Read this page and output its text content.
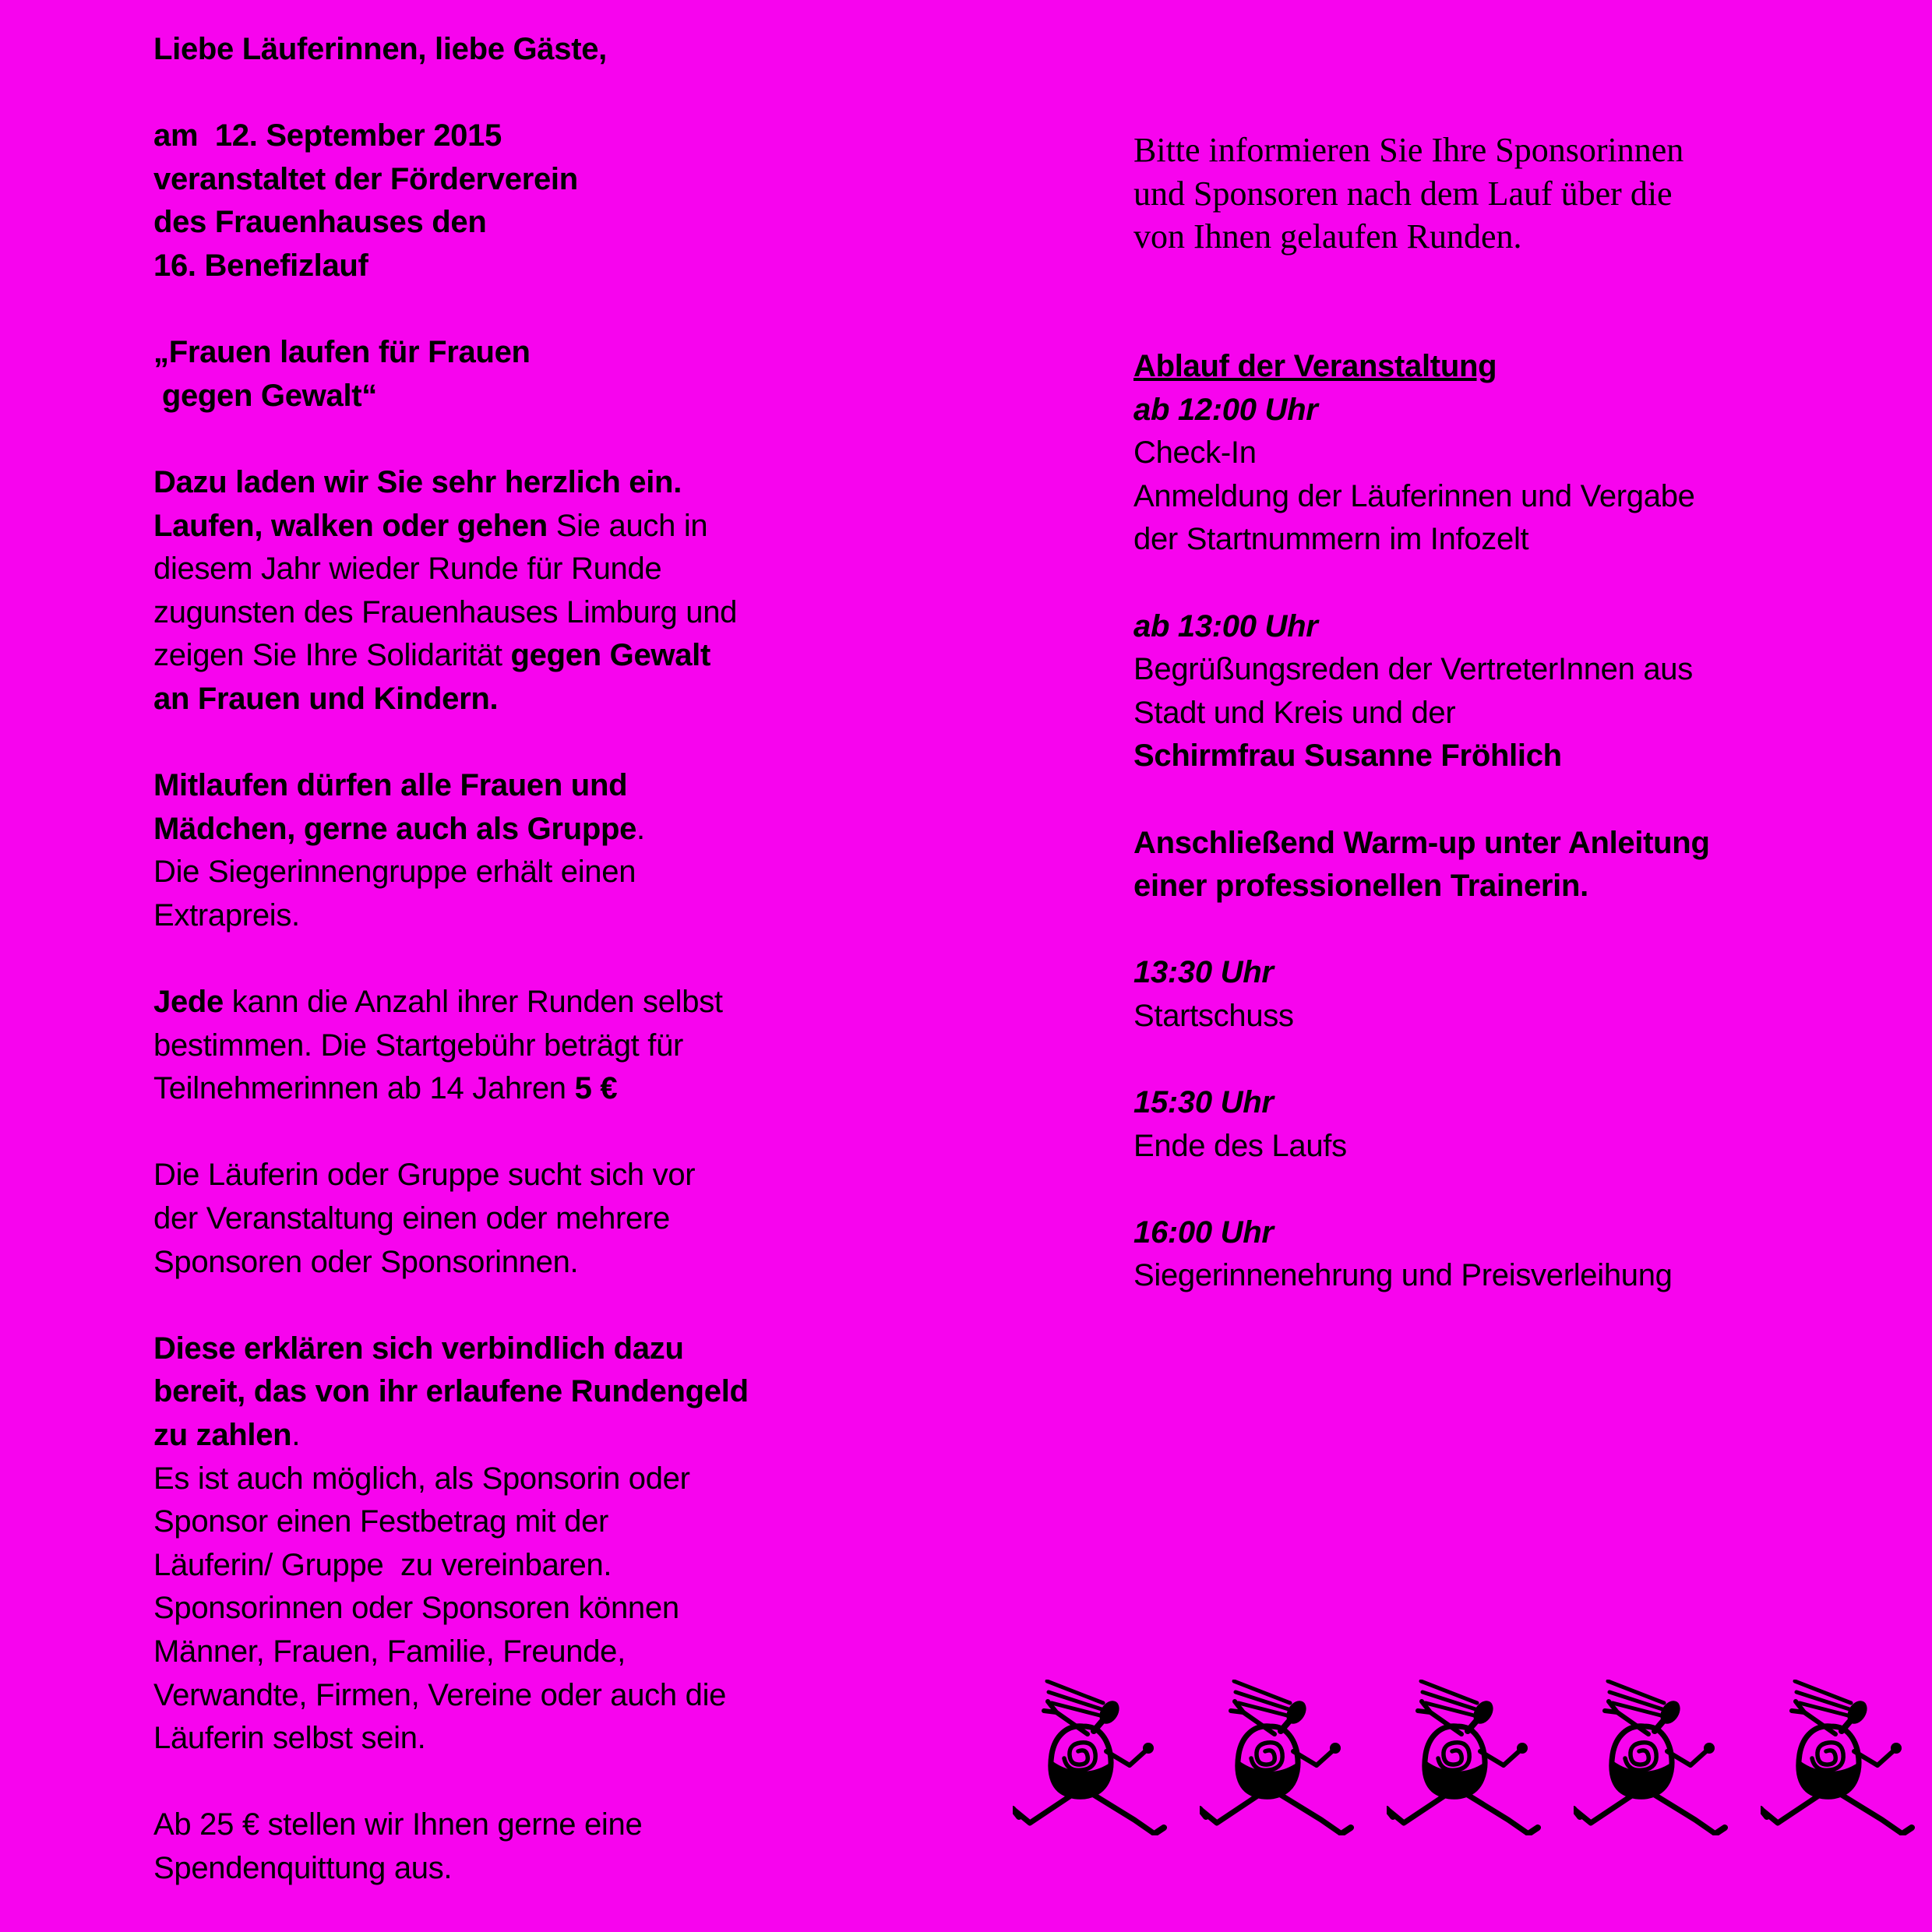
Liebe Läuferinnen, liebe Gäste,

am  12. September 2015
veranstaltet der Förderverein
des Frauenhauses den
16. Benefizlauf

„Frauen laufen für Frauen
gegen Gewalt“

Dazu laden wir Sie sehr herzlich ein.
Laufen, walken oder gehen Sie auch in
diesem Jahr wieder Runde für Runde
zugunsten des Frauenhauses Limburg und
zeigen Sie Ihre Solidarität gegen Gewalt
an Frauen und Kindern.

Mitlaufen dürfen alle Frauen und
Mädchen, gerne auch als Gruppe.
Die Siegerinnengruppe erhält einen
Extrapreis.

Jede kann die Anzahl ihrer Runden selbst
bestimmen. Die Startgebühr beträgt für
Teilnehmerinnen ab 14 Jahren 5 €

Die Läuferin oder Gruppe sucht sich vor
der Veranstaltung einen oder mehrere
Sponsoren oder Sponsorinnen.

Diese erklären sich verbindlich dazu
bereit, das von ihr erlaufene Rundengeld
zu zahlen.
Es ist auch möglich, als Sponsorin oder
Sponsor einen Festbetrag mit der
Läuferin/ Gruppe  zu vereinbaren.
Sponsorinnen oder Sponsoren können
Männer, Frauen, Familie, Freunde,
Verwandte, Firmen, Vereine oder auch die
Läuferin selbst sein.

Ab 25 € stellen wir Ihnen gerne eine
Spendenquittung aus.
Bitte informieren Sie Ihre Sponsorinnen
und Sponsoren nach dem Lauf über die
von Ihnen gelaufen Runden.

Ablauf der Veranstaltung
ab 12:00 Uhr
Check-In
Anmeldung der Läuferinnen und Vergabe
der Startnummern im Infozelt

ab 13:00 Uhr
Begrüßungsreden der VertreterInnen aus
Stadt und Kreis und der
Schirmfrau Susanne Fröhlich

Anschließend Warm-up unter Anleitung
einer professionellen Trainerin.

13:30 Uhr
Startschuss

15:30 Uhr
Ende des Laufs

16:00 Uhr
Siegerinnenehrung und Preisverleihung
